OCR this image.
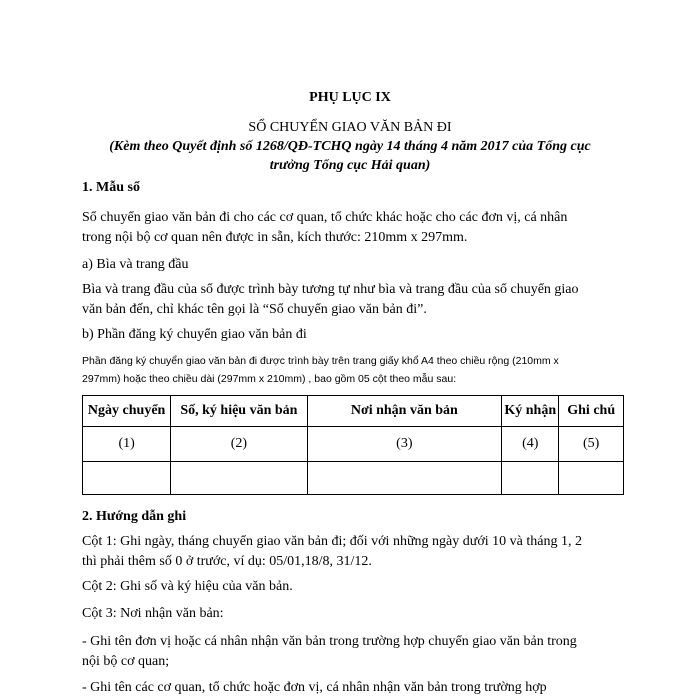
PHỤ LỤC IX
SỔ CHUYỂN GIAO VĂN BẢN ĐI
(Kèm theo Quyết định số 1268/QĐ-TCHQ ngày 14 tháng 4 năm 2017 của Tổng cục
trưởng Tổng cục Hải quan)
1. Mẫu sổ
Sổ chuyển giao văn bản đi cho các cơ quan, tổ chức khác hoặc cho các đơn vị, cá nhân
trong nội bộ cơ quan nên được in sẵn, kích thước: 210mm x 297mm.
a) Bìa và trang đầu
Bìa và trang đầu của sổ được trình bày tương tự như bìa và trang đầu của sổ chuyển giao
văn bản đến, chỉ khác tên gọi là “Sổ chuyển giao văn bản đi”.
b) Phần đăng ký chuyển giao văn bản đi
Phần đăng ký chuyển giao văn bản đi được trình bày trên trang giấy khổ A4 theo chiều rộng (210mm x
297mm) hoặc theo chiều dài (297mm x 210mm) , bao gồm 05 cột theo mẫu sau:
Ngày chuyển	Số, ký hiệu văn bản	Nơi nhận văn bản	Ký nhận	Ghi chú
(1)	(2)	(3)	(4)	(5)

2. Hướng dẫn ghi
Cột 1: Ghi ngày, tháng chuyển giao văn bản đi; đối với những ngày dưới 10 và tháng 1, 2
thì phải thêm số 0 ở trước, ví dụ: 05/01,18/8, 31/12.
Cột 2: Ghi số và ký hiệu của văn bản.
Cột 3: Nơi nhận văn bản:
- Ghi tên đơn vị hoặc cá nhân nhận văn bản trong trường hợp chuyển giao văn bản trong
nội bộ cơ quan;
- Ghi tên các cơ quan, tổ chức hoặc đơn vị, cá nhân nhận văn bản trong trường hợp
